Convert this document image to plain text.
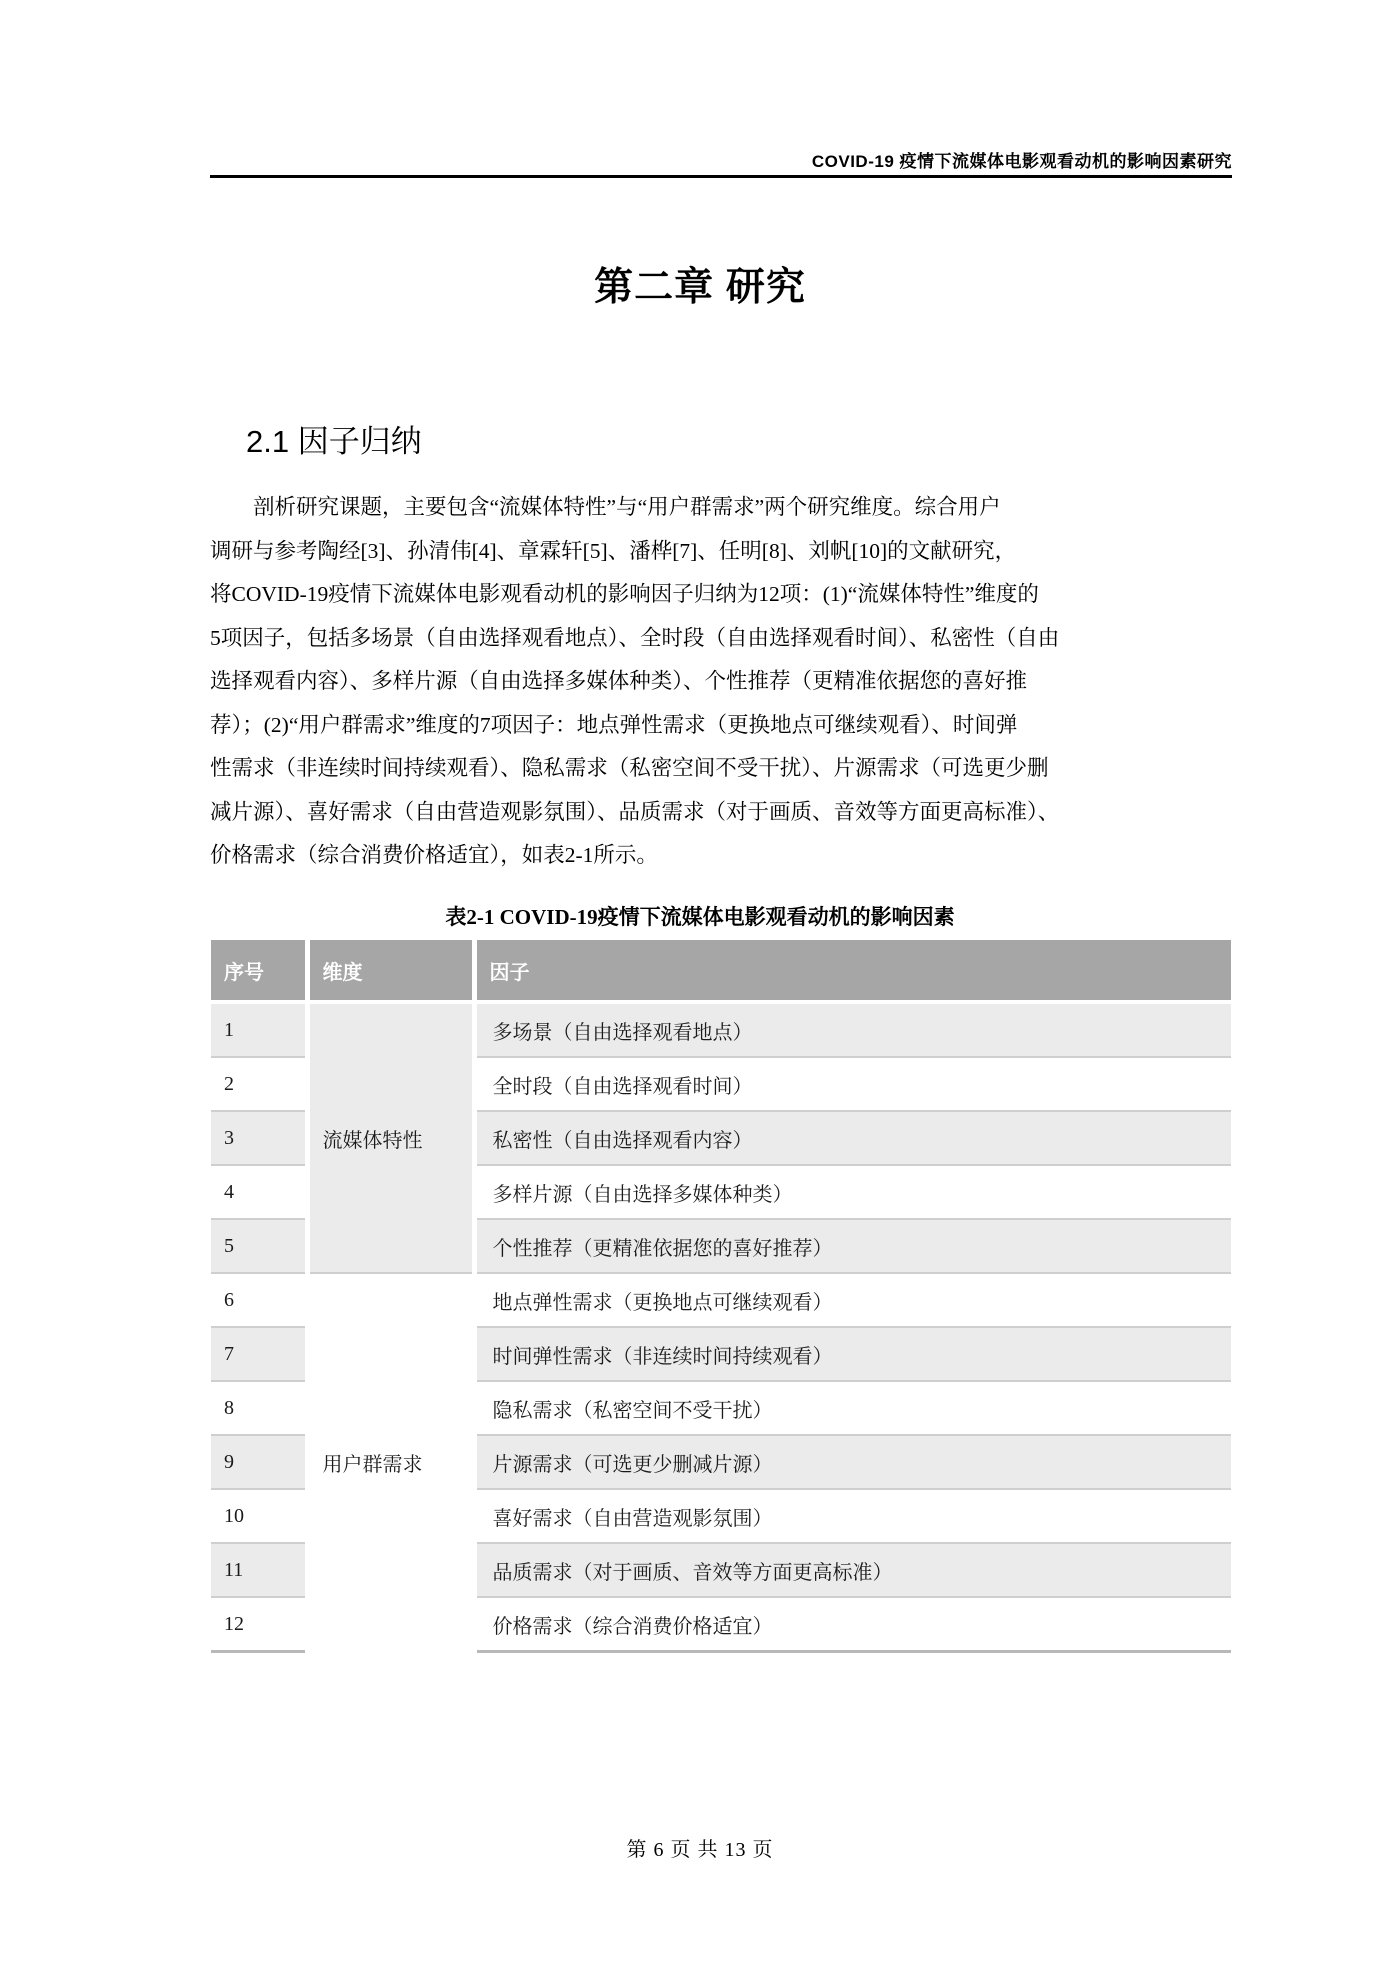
COVID-19 疫情下流媒体电影观看动机的影响因素研究
第二章 研究
2.1 因子归纳
剖析研究课题，主要包含“流媒体特性”与“用户群需求”两个研究维度。综合用户
调研与参考陶经[3]、孙清伟[4]、章霖轩[5]、潘桦[7]、任明[8]、刘帆[10]的文献研究，
将COVID-19疫情下流媒体电影观看动机的影响因子归纳为12项：(1)“流媒体特性”维度的
5项因子，包括多场景（自由选择观看地点）、全时段（自由选择观看时间）、私密性（自由
选择观看内容）、多样片源（自由选择多媒体种类）、个性推荐（更精准依据您的喜好推
荐）；(2)“用户群需求”维度的7项因子：地点弹性需求（更换地点可继续观看）、时间弹
性需求（非连续时间持续观看）、隐私需求（私密空间不受干扰）、片源需求（可选更少删
减片源）、喜好需求（自由营造观影氛围）、品质需求（对于画质、音效等方面更高标准）、
价格需求（综合消费价格适宜），如表2-1所示。
表2-1 COVID-19疫情下流媒体电影观看动机的影响因素
序号	维度	因子
1	流媒体特性	多场景（自由选择观看地点）
2		全时段（自由选择观看时间）
3		私密性（自由选择观看内容）
4		多样片源（自由选择多媒体种类）
5		个性推荐（更精准依据您的喜好推荐）
6	用户群需求	地点弹性需求（更换地点可继续观看）
7		时间弹性需求（非连续时间持续观看）
8		隐私需求（私密空间不受干扰）
9		片源需求（可选更少删减片源）
10		喜好需求（自由营造观影氛围）
11		品质需求（对于画质、音效等方面更高标准）
12		价格需求（综合消费价格适宜）
第 6 页 共 13 页
